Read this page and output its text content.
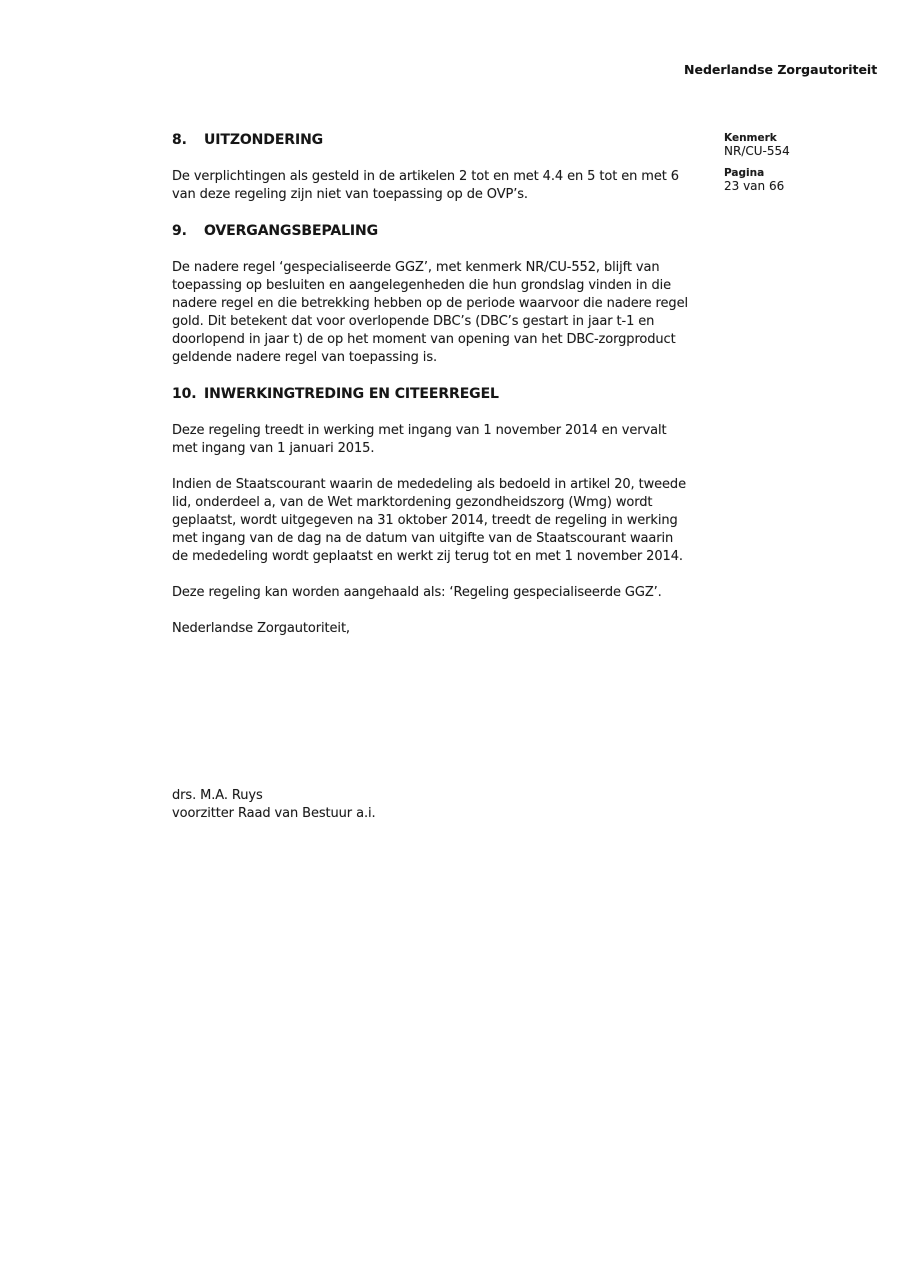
Nederlandse Zorgautoriteit
Kenmerk
NR/CU-554
Pagina
23 van 66
8.	UITZONDERING

De verplichtingen als gesteld in de artikelen 2 tot en met 4.4 en 5 tot en met 6 van deze regeling zijn niet van toepassing op de OVP’s.

9.	OVERGANGSBEPALING

De nadere regel ‘gespecialiseerde GGZ’, met kenmerk NR/CU-552, blijft van toepassing op besluiten en aangelegenheden die hun grondslag vinden in die nadere regel en die betrekking hebben op de periode waarvoor die nadere regel gold. Dit betekent dat voor overlopende DBC’s (DBC’s gestart in jaar t-1 en doorlopend in jaar t) de op het moment van opening van het DBC-zorgproduct geldende nadere regel van toepassing is.

10. INWERKINGTREDING EN CITEERREGEL

Deze regeling treedt in werking met ingang van 1 november 2014 en vervalt met ingang van 1 januari 2015.

Indien de Staatscourant waarin de mededeling als bedoeld in artikel 20, tweede lid, onderdeel a, van de Wet marktordening gezondheidszorg (Wmg) wordt geplaatst, wordt uitgegeven na 31 oktober 2014, treedt de regeling in werking met ingang van de dag na de datum van uitgifte van de Staatscourant waarin de mededeling wordt geplaatst en werkt zij terug tot en met 1 november 2014.

Deze regeling kan worden aangehaald als: ‘Regeling gespecialiseerde GGZ’.

Nederlandse Zorgautoriteit,

drs. M.A. Ruys
voorzitter Raad van Bestuur a.i.
